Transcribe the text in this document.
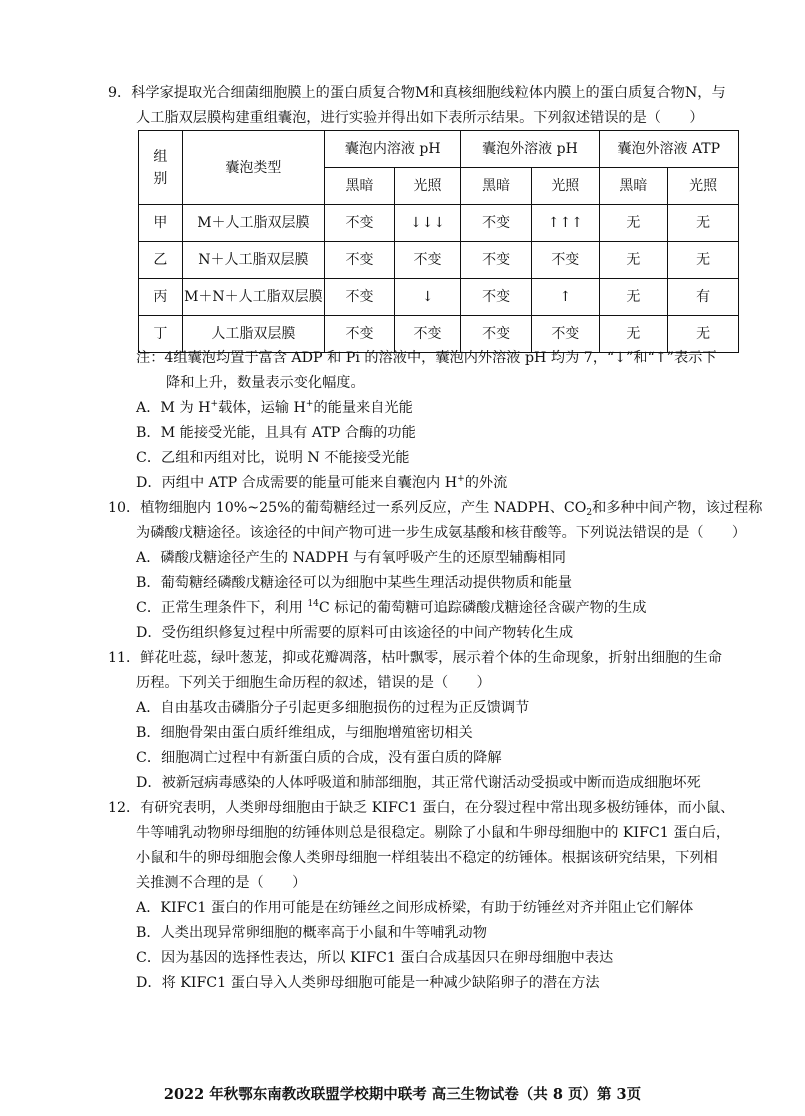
9．科学家提取光合细菌细胞膜上的蛋白质复合物M和真核细胞线粒体内膜上的蛋白质复合物N，与
人工脂双层膜构建重组囊泡，进行实验并得出如下表所示结果。下列叙述错误的是（　　）
组别	囊泡类型	囊泡内溶液 pH		囊泡外溶液 pH		囊泡外溶液 ATP	
		黑暗	光照	黑暗	光照	黑暗	光照
甲	M＋人工脂双层膜	不变	↓↓↓	不变	↑↑↑	无	无
乙	N＋人工脂双层膜	不变	不变	不变	不变	无	无
丙	M＋N＋人工脂双层膜	不变	↓	不变	↑	无	有
丁	人工脂双层膜	不变	不变	不变	不变	无	无
注：4组囊泡均置于富含 ADP 和 Pi 的溶液中，囊泡内外溶液 pH 均为 7，“↓”和“↑”表示下
降和上升，数量表示变化幅度。
A．M 为 H+载体，运输 H+的能量来自光能
B．M 能接受光能，且具有 ATP 合酶的功能
C．乙组和丙组对比，说明 N 不能接受光能
D．丙组中 ATP 合成需要的能量可能来自囊泡内 H+的外流
10．植物细胞内 10%~25%的葡萄糖经过一系列反应，产生 NADPH、$CO_2$和多种中间产物，该过程称
为磷酸戊糖途径。该途径的中间产物可进一步生成氨基酸和核苷酸等。下列说法错误的是（　　）
A．磷酸戊糖途径产生的 NADPH 与有氧呼吸产生的还原型辅酶相同
B．葡萄糖经磷酸戊糖途径可以为细胞中某些生理活动提供物质和能量
C．正常生理条件下，利用 $^{14}$C 标记的葡萄糖可追踪磷酸戊糖途径含碳产物的生成
D．受伤组织修复过程中所需要的原料可由该途径的中间产物转化生成
11．鲜花吐蕊，绿叶葱茏，抑或花瓣凋落，枯叶飘零，展示着个体的生命现象，折射出细胞的生命
历程。下列关于细胞生命历程的叙述，错误的是（　　）
A．自由基攻击磷脂分子引起更多细胞损伤的过程为正反馈调节
B．细胞骨架由蛋白质纤维组成，与细胞增殖密切相关
C．细胞凋亡过程中有新蛋白质的合成，没有蛋白质的降解
D．被新冠病毒感染的人体呼吸道和肺部细胞，其正常代谢活动受损或中断而造成细胞坏死
12．有研究表明，人类卵母细胞由于缺乏 KIFC1 蛋白，在分裂过程中常出现多极纺锤体，而小鼠、
牛等哺乳动物卵母细胞的纺锤体则总是很稳定。剔除了小鼠和牛卵母细胞中的 KIFC1 蛋白后，
小鼠和牛的卵母细胞会像人类卵母细胞一样组装出不稳定的纺锤体。根据该研究结果，下列相
关推测不合理的是（　　）
A．KIFC1 蛋白的作用可能是在纺锤丝之间形成桥梁，有助于纺锤丝对齐并阻止它们解体
B．人类出现异常卵细胞的概率高于小鼠和牛等哺乳动物
C．因为基因的选择性表达，所以 KIFC1 蛋白合成基因只在卵母细胞中表达
D．将 KIFC1 蛋白导入人类卵母细胞可能是一种减少缺陷卵子的潜在方法
2022 年秋鄂东南教改联盟学校期中联考 高三生物试卷（共 8 页）第 3页
